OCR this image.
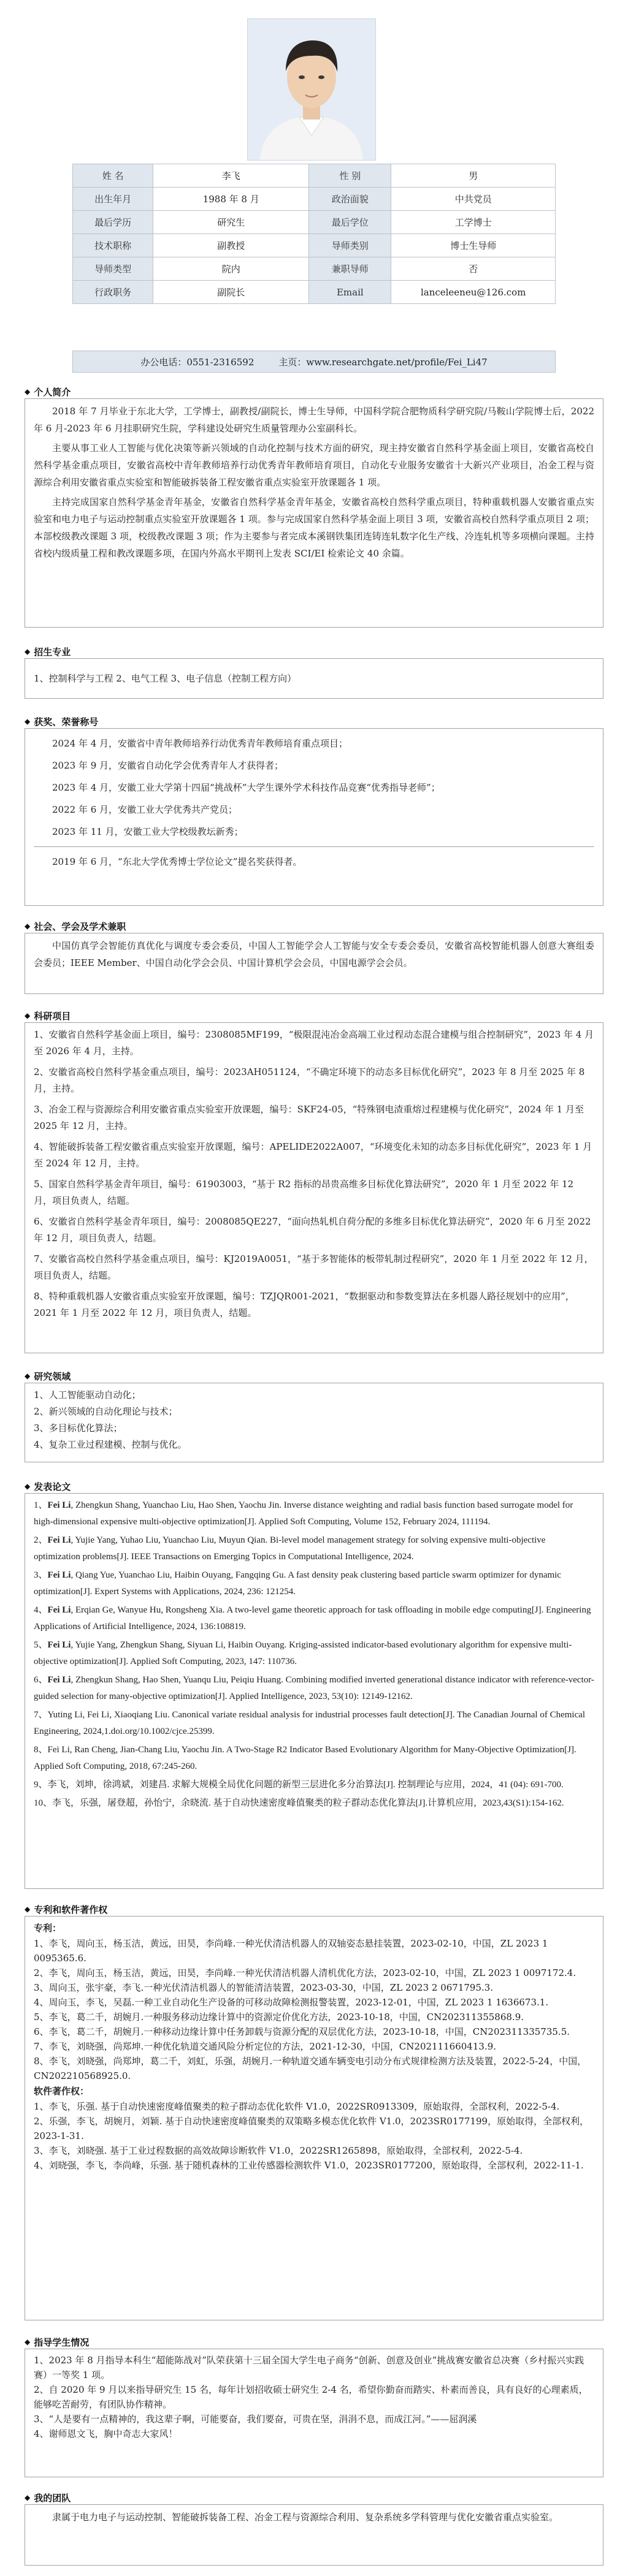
姓 名	李飞	性 别	男
出生年月	1988 年 8 月	政治面貌	中共党员
最后学历	研究生	最后学位	工学博士
技术职称	副教授	导师类别	博士生导师
导师类型	院内	兼职导师	否
行政职务	副院长	Email	lanceleeneu@126.com
办公电话：0551-2316592	主页：www.researchgate.net/profile/Fei_Li47
◆ 个人简介

2018 年 7 月毕业于东北大学，工学博士，副教授/副院长，博士生导师，中国科学院合肥物质科学研究院/马鞍山学院博士后，2022 年 6 月-2023 年 6 月挂职研究生院，学科建设处研究生质量管理办公室副科长。

主要从事工业人工智能与优化决策等新兴领域的自动化控制与技术方面的研究，现主持安徽省自然科学基金面上项目，安徽省高校自然科学基金重点项目，安徽省高校中青年教师培养行动优秀青年教师培育项目，自动化专业服务安徽省十大新兴产业项目，冶金工程与资源综合利用安徽省重点实验室和智能破拆装备工程安徽省重点实验室开放课题各 1 项。

主持完成国家自然科学基金青年基金，安徽省自然科学基金青年基金，安徽省高校自然科学重点项目，特种重载机器人安徽省重点实验室和电力电子与运动控制重点实验室开放课题各 1 项。参与完成国家自然科学基金面上项目 3 项，安徽省高校自然科学重点项目 2 项；本部校级教改课题 3 项，校级教改课题 3 项；作为主要参与者完成本溪钢铁集团连铸连轧数字化生产线、冷连轧机等多项横向课题。主持省校内级质量工程和教改课题多项，在国内外高水平期刊上发表 SCI/EI 检索论文 40 余篇。

◆ 招生专业

1、控制科学与工程 2、电气工程 3、电子信息（控制工程方向）

◆ 获奖、荣誉称号

2024 年 4 月，安徽省中青年教师培养行动优秀青年教师培育重点项目；

2023 年 9 月，安徽省自动化学会优秀青年人才获得者；

2023 年 4 月，安徽工业大学第十四届“挑战杯”大学生课外学术科技作品竞赛“优秀指导老师”；

2022 年 6 月，安徽工业大学优秀共产党员；

2023 年 11 月，安徽工业大学校级教坛新秀；

2019 年 6 月，“东北大学优秀博士学位论文”提名奖获得者。

◆ 社会、学会及学术兼职

中国仿真学会智能仿真优化与调度专委会委员，中国人工智能学会人工智能与安全专委会委员，安徽省高校智能机器人创意大赛组委会委员；IEEE Member、中国自动化学会会员、中国计算机学会会员，中国电源学会会员。

◆ 科研项目

1、安徽省自然科学基金面上项目，编号：2308085MF199，“极限混沌冶金高端工业过程动态混合建模与组合控制研究”，2023 年 4 月至 2026 年 4 月，主持。

2、安徽省高校自然科学基金重点项目，编号：2023AH051124，“不确定环境下的动态多目标优化研究”，2023 年 8 月至 2025 年 8 月，主持。

3、冶金工程与资源综合利用安徽省重点实验室开放课题，编号：SKF24-05，“特殊钢电渣重熔过程建模与优化研究”，2024 年 1 月至 2025 年 12 月，主持。

4、智能破拆装备工程安徽省重点实验室开放课题，编号：APELIDE2022A007，“环境变化未知的动态多目标优化研究”，2023 年 1 月至 2024 年 12 月，主持。

5、国家自然科学基金青年项目，编号：61903003，“基于 R2 指标的昂贵高维多目标优化算法研究”，2020 年 1 月至 2022 年 12 月，项目负责人，结题。

6、安徽省自然科学基金青年项目，编号：2008085QE227，“面向热轧机自荷分配的多维多目标优化算法研究”，2020 年 6 月至 2022 年 12 月，项目负责人，结题。

7、安徽省高校自然科学基金重点项目，编号：KJ2019A0051，“基于多智能体的板带轧制过程研究”，2020 年 1 月至 2022 年 12 月，项目负责人，结题。

8、特种重载机器人安徽省重点实验室开放课题，编号：TZJQR001-2021，“数据驱动和参数变算法在多机器人路径规划中的应用”，2021 年 1 月至 2022 年 12 月，项目负责人，结题。

◆ 研究领域

1、人工智能驱动自动化；

2、新兴领域的自动化理论与技术；

3、多目标优化算法；

4、复杂工业过程建模、控制与优化。

◆ 发表论文

1、Fei Li, Zhengkun Shang, Yuanchao Liu, Hao Shen, Yaochu Jin. Inverse distance weighting and radial basis function based surrogate model for high-dimensional expensive multi-objective optimization[J]. Applied Soft Computing, Volume 152, February 2024, 111194.

2、Fei Li, Yujie Yang, Yuhao Liu, Yuanchao Liu, Muyun Qian. Bi-level model management strategy for solving expensive multi-objective optimization problems[J]. IEEE Transactions on Emerging Topics in Computational Intelligence, 2024.

3、Fei Li, Qiang Yue, Yuanchao Liu, Haibin Ouyang, Fangqing Gu. A fast density peak clustering based particle swarm optimizer for dynamic optimization[J]. Expert Systems with Applications, 2024, 236: 121254.

4、Fei Li, Erqian Ge, Wanyue Hu, Rongsheng Xia. A two-level game theoretic approach for task offloading in mobile edge computing[J]. Engineering Applications of Artificial Intelligence, 2024, 136:108819.

5、Fei Li, Yujie Yang, Zhengkun Shang, Siyuan Li, Haibin Ouyang. Kriging-assisted indicator-based evolutionary algorithm for expensive multi-objective optimization[J]. Applied Soft Computing, 2023, 147: 110736.

6、Fei Li, Zhengkun Shang, Hao Shen, Yuanqu Liu, Peiqiu Huang. Combining modified inverted generational distance indicator with reference-vector-guided selection for many-objective optimization[J]. Applied Intelligence, 2023, 53(10): 12149-12162.

7、Yuting Li, Fei Li, Xiaoqiang Liu. Canonical variate residual analysis for industrial processes fault detection[J]. The Canadian Journal of Chemical Engineering, 2024,1.doi.org/10.1002/cjce.25399.

8、Fei Li, Ran Cheng, Jian-Chang Liu, Yaochu Jin. A Two-Stage R2 Indicator Based Evolutionary Algorithm for Many-Objective Optimization[J]. Applied Soft Computing, 2018, 67:245-260.

9、李飞，刘坤，徐鸿斌，刘建昌. 求解大规模全局优化问题的新型三层进化多分治算法[J]. 控制理论与应用，2024，41 (04): 691-700.

10、李飞，乐强，屠登超，孙怡宁，余晓流. 基于自动快速密度峰值聚类的粒子群动态优化算法[J].计算机应用，2023,43(S1):154-162.

◆ 专利和软件著作权

专利：

1、李飞，周向玉，杨玉洁，黄远，田昊，李尚峰.一种光伏清洁机器人的双轴姿态悬挂装置，2023-02-10，中国，ZL 2023 1 0095365.6.

2、李飞，周向玉，杨玉洁，黄远，田昊，李尚峰.一种光伏清洁机器人清机优化方法，2023-02-10，中国，ZL 2023 1 0097172.4.

3、周向玉，张宇豪，李飞.一种光伏清洁机器人的智能清洁装置，2023-03-30，中国，ZL 2023 2 0671795.3.

4、周向玉，李飞，吴磊.一种工业自动化生产设备的可移动故障检测报警装置，2023-12-01，中国，ZL 2023 1 1636673.1.

5、李飞，葛二千，胡婉月.一种服务移动边缘计算中的资源定价优化方法，2023-10-18，中国，CN202311355868.9.

6、李飞，葛二千，胡婉月.一种移动边缘计算中任务卸载与资源分配的双层优化方法，2023-10-18，中国，CN202311335735.5.

7、李飞，刘晓强，尚郑坤.一种优化轨道交通风险分析定位的方法，2021-12-30，中国，CN202111660413.9.

8、李飞，刘晓强，尚郑坤，葛二千，刘虹，乐强，胡婉月.一种轨道交通车辆变电引动分布式规律检测方法及装置，2022-5-24，中国，CN202210568925.0.

软件著作权：

1、李飞，乐强. 基于自动快速密度峰值聚类的粒子群动态优化软件 V1.0，2022SR0913309，原始取得，全部权利，2022-5-4.

2、乐强，李飞，胡婉月，刘颖. 基于自动快速密度峰值聚类的双策略多模态优化软件 V1.0，2023SR0177199，原始取得，全部权利，2023-1-31.

3、李飞，刘晓强. 基于工业过程数据的高效故障诊断软件 V1.0，2022SR1265898，原始取得，全部权利，2022-5-4.

4、刘晓强，李飞，李尚峰，乐强. 基于随机森林的工业传感器检测软件 V1.0，2023SR0177200，原始取得，全部权利，2022-11-1.

◆ 指导学生情况

1、2023 年 8 月指导本科生“超能陈战对”队荣获第十三届全国大学生电子商务“创新、创意及创业”挑战赛安徽省总决赛（乡村振兴实践赛）一等奖 1 项。

2、自 2020 年 9 月以来指导研究生 15 名，每年计划招收硕士研究生 2-4 名，希望你勤奋而踏实、朴素而善良，具有良好的心理素质，能够吃苦耐劳，有团队协作精神。

3、“人是要有一点精神的，我这辈子啊，可能要奋，我们要奋，可贵在坚，涓涓不息，而成江河。”——屈润溪

4、谢师恩文飞，胸中奇志大家风！

◆ 我的团队

隶属于电力电子与运动控制、智能破拆装备工程、冶金工程与资源综合利用、复杂系统多学科管理与优化安徽省重点实验室。
